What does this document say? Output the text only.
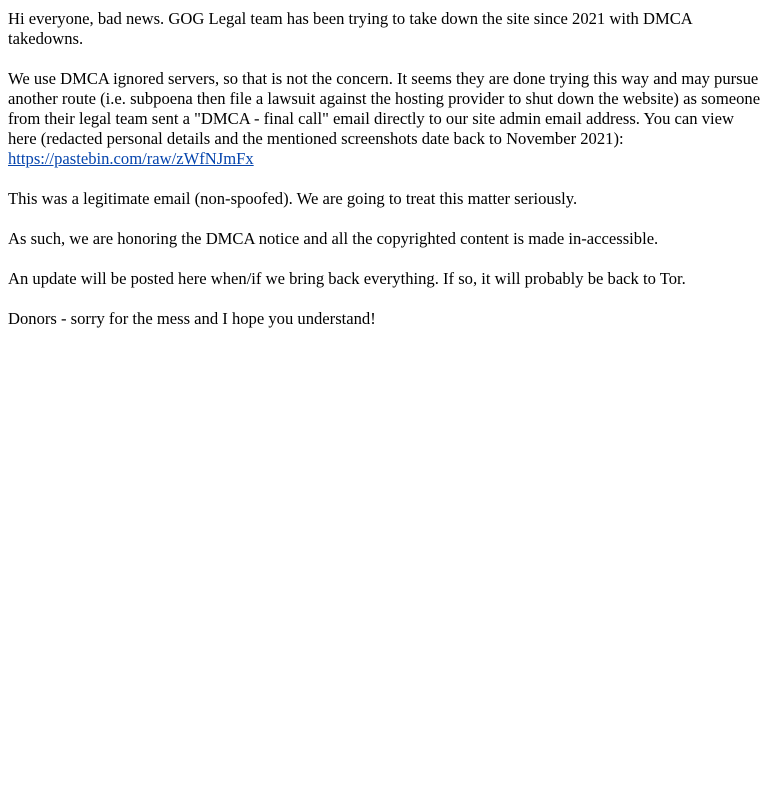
Hi everyone, bad news. GOG Legal team has been trying to take down the site since 2021 with DMCA takedowns.

We use DMCA ignored servers, so that is not the concern. It seems they are done trying this way and may pursue another route (i.e. subpoena then file a lawsuit against the hosting provider to shut down the website) as someone from their legal team sent a "DMCA - final call" email directly to our site admin email address. You can view here (redacted personal details and the mentioned screenshots date back to November 2021): https://pastebin.com/raw/zWfNJmFx

This was a legitimate email (non-spoofed). We are going to treat this matter seriously.

As such, we are honoring the DMCA notice and all the copyrighted content is made in-accessible.

An update will be posted here when/if we bring back everything. If so, it will probably be back to Tor.

Donors - sorry for the mess and I hope you understand!
